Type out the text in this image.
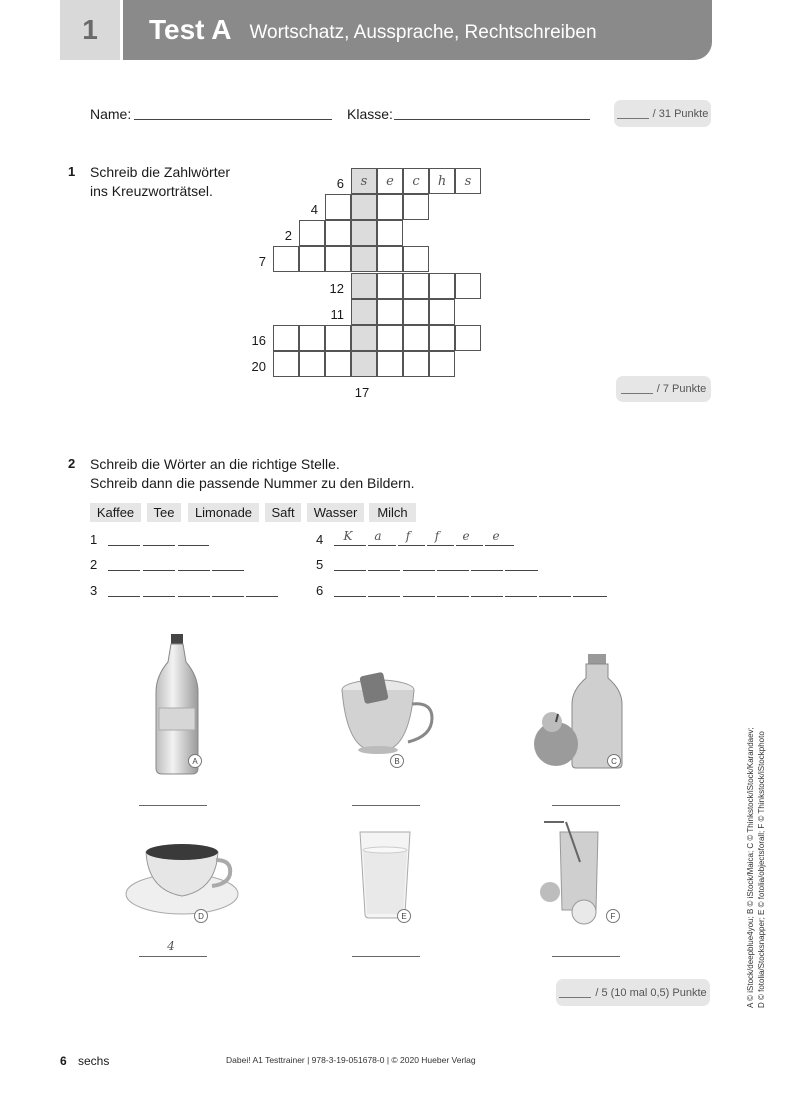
1	Test A Wortschatz, Aussprache, Rechtschreiben
Name:	Klasse:	/ 31 Punkte
1 Schreib die Zahlwörter
ins Kreuzworträtsel.	6	s	e	c	h	s
4
2
7
12
11
16
20
17	/ 7 Punkte
2 Schreib die Wörter an die richtige Stelle.
Schreib dann die passende Nummer zu den Bildern.
Kaffee	Tee	Limonade	Saft	Wasser	Milch
1
2
3
4	K	a	f	f	e	e
5
6
A	B	C
D
4
E	F
/ 5 (10 mal 0,5) Punkte	A © iStock/deepblue4you; B © iStock/Maica; C © Thinkstock/iStock/Karandaev; D © fotolia/Stocksnapper; E © fotolia/objectsforall; F © Thinkstock/iStockphoto
6 sechs	Dabei! A1 Testtrainer | 978-3-19-051678-0 | © 2020 Hueber Verlag
